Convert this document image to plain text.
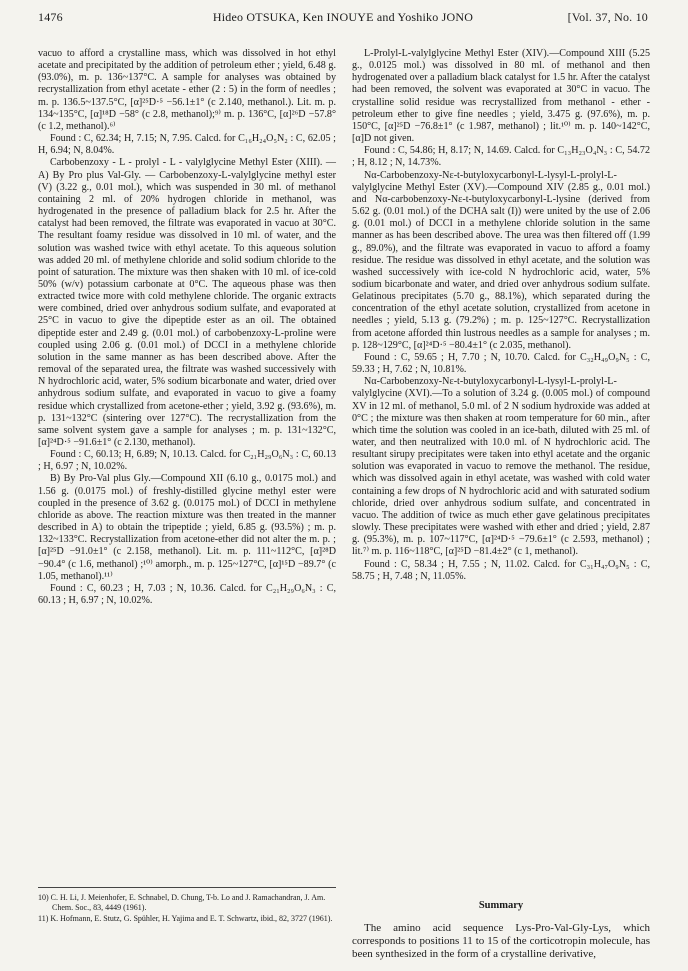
1476	Hideo OTSUKA, Ken INOUYE and Yoshiko JONO	[Vol. 37, No. 10

vacuo to afford a crystalline mass, which was dissolved in hot ethyl acetate and precipitated by the addition of petroleum ether ; yield, 6.48 g. (93.0%), m. p. 136~137°C. A sample for analyses was obtained by recrystallization from ethyl acetate - ether (2 : 5) in the form of needles ; m. p. 136.5~137.5°C, [α]²⁵D⋅⁵ −56.1±1° (c 2.140, methanol.). Lit. m. p. 134~135°C, [α]¹⁸D −58° (c 2.8, methanol);⁹⁾ m. p. 136°C, [α]²⁶D −57.8° (c 1.2, methanol).⁶⁾

Found : C, 62.34; H, 7.15; N, 7.95. Calcd. for C₁₆H₂₄O₅N₂ : C, 62.05 ; H, 6.94; N, 8.04%.

Carbobenzoxy - L - prolyl - L - valylglycine Methyl Ester (XIII). — A) By Pro plus Val-Gly. — Carbobenzoxy-L-valylglycine methyl ester (V) (3.22 g., 0.01 mol.), which was suspended in 30 ml. of methanol containing 2 ml. of 20% hydrogen chloride in methanol, was hydrogenated in the presence of palladium black for 2.5 hr. After the catalyst had been removed, the filtrate was evaporated in vacuo at 30°C. The resultant foamy residue was dissolved in 10 ml. of water, and the solution was washed twice with ethyl acetate. To this aqueous solution was added 20 ml. of methylene chloride and solid sodium chloride to the point of saturation. The mixture was then shaken with 10 ml. of ice-cold 50% (w/v) potassium carbonate at 0°C. The aqueous phase was then extracted twice more with cold methylene chloride. The organic extracts were combined, dried over anhydrous sodium sulfate, and evaporated at 25°C in vacuo to give the dipeptide ester as an oil. The obtained dipeptide ester and 2.49 g. (0.01 mol.) of carbobenzoxy-L-proline were coupled using 2.06 g. (0.01 mol.) of DCCI in a methylene chloride solution in the same manner as has been described above. After the removal of the separated urea, the filtrate was washed successively with N hydrochloric acid, water, 5% sodium bicarbonate and water, dried over anhydrous sodium sulfate, and evaporated in vacuo to give a foamy residue which crystallized from acetone-ether ; yield, 3.92 g. (93.6%), m. p. 131~132°C (sintering over 127°C). The recrystallization from the same solvent system gave a sample for analyses ; m. p. 131~132°C, [α]²⁴D⋅⁵ −91.6±1° (c 2.130, methanol).

Found : C, 60.13; H, 6.89; N, 10.13. Calcd. for C₂₁H₂₉O₆N₃ : C, 60.13 ; H, 6.97 ; N, 10.02%.

B) By Pro-Val plus Gly.—Compound XII (6.10 g., 0.0175 mol.) and 1.56 g. (0.0175 mol.) of freshly-distilled glycine methyl ester were coupled in the presence of 3.62 g. (0.0175 mol.) of DCCI in methylene chloride as above. The reaction mixture was then treated in the manner described in A) to obtain the tripeptide ; yield, 6.85 g. (93.5%) ; m. p. 132~133°C. Recrystallization from acetone-ether did not alter the m. p. ; [α]²⁵D −91.0±1° (c 2.158, methanol). Lit. m. p. 111~112°C, [α]²⁸D −90.4° (c 1.6, methanol) ;¹⁰⁾ amorph., m. p. 125~127°C, [α]¹⁵D −89.7° (c 1.05, methanol).¹¹⁾

Found : C, 60.23 ; H, 7.03 ; N, 10.36. Calcd. for C₂₁H₂₉O₆N₃ : C, 60.13 ; H, 6.97 ; N, 10.02%.

10) C. H. Li, J. Meienhofer, E. Schnabel, D. Chung, T-b. Lo and J. Ramachandran, J. Am. Chem. Soc., 83, 4449 (1961).
11) K. Hofmann, E. Stutz, G. Spühler, H. Yajima and E. T. Schwartz, ibid., 82, 3727 (1961).

L-Prolyl-L-valylglycine Methyl Ester (XIV).—Compound XIII (5.25 g., 0.0125 mol.) was dissolved in 80 ml. of methanol and then hydrogenated over a palladium black catalyst for 1.5 hr. After the catalyst had been removed, the solvent was evaporated at 30°C in vacuo. The crystalline solid residue was recrystallized from methanol - ether - petroleum ether to give fine needles ; yield, 3.475 g. (97.6%), m. p. 150°C, [α]²⁵D −76.8±1° (c 1.987, methanol) ; lit.¹⁰⁾ m. p. 140~142°C, [α]D not given.

Found : C, 54.86; H, 8.17; N, 14.69. Calcd. for C₁₃H₂₃O₄N₃ : C, 54.72 ; H, 8.12 ; N, 14.73%.

Nα-Carbobenzoxy-Nε-t-butyloxycarbonyl-L-lysyl-L-prolyl-L-valylglycine Methyl Ester (XV).—Compound XIV (2.85 g., 0.01 mol.) and Nα-carbobenzoxy-Nε-t-butyloxycarbonyl-L-lysine (derived from 5.62 g. (0.01 mol.) of the DCHA salt (I)) were united by the use of 2.06 g. (0.01 mol.) of DCCI in a methylene chloride solution in the same manner as has been described above. The urea was then filtered off (1.99 g., 89.0%), and the filtrate was evaporated in vacuo to afford a foamy residue. The residue was dissolved in ethyl acetate, and the solution was washed successively with ice-cold N hydrochloric acid, water, 5% sodium bicarbonate and water, and dried over anhydrous sodium sulfate. Gelatinous precipitates (5.70 g., 88.1%), which separated during the concentration of the ethyl acetate solution, crystallized from acetone in needles ; yield, 5.13 g. (79.2%) ; m. p. 125~127°C. Recrystallization from acetone afforded thin lustrous needles as a sample for analyses ; m. p. 128~129°C, [α]²⁴D⋅⁵ −80.4±1° (c 2.035, methanol).

Found : C, 59.65 ; H, 7.70 ; N, 10.70. Calcd. for C₃₂H₄₉O₉N₅ : C, 59.33 ; H, 7.62 ; N, 10.81%.

Nα-Carbobenzoxy-Nε-t-butyloxycarbonyl-L-lysyl-L-prolyl-L-valylglycine (XVI).—To a solution of 3.24 g. (0.005 mol.) of compound XV in 12 ml. of methanol, 5.0 ml. of 2 N sodium hydroxide was added at 0°C ; the mixture was then shaken at room temperature for 60 min., after which time the solution was cooled in an ice-bath, diluted with 25 ml. of water, and then neutralized with 10.0 ml. of N hydrochloric acid. The resultant sirupy precipitates were taken into ethyl acetate and the organic solution was evaporated in vacuo to remove the methanol. The residue, which was dissolved again in ethyl acetate, was washed with cold water containing a few drops of N hydrochloric acid and with saturated sodium chloride, dried over anhydrous sodium sulfate, and concentrated in vacuo. The addition of twice as much ether gave gelatinous precipitates slowly. These precipitates were washed with ether and dried ; yield, 2.87 g. (95.3%), m. p. 107~117°C, [α]²⁴D⋅⁵ −79.6±1° (c 2.593, methanol) ; lit.⁷⁾ m. p. 116~118°C, [α]²⁵D −81.4±2° (c 1, methanol).

Found : C, 58.34 ; H, 7.55 ; N, 11.02. Calcd. for C₃₁H₄₇O₉N₅ : C, 58.75 ; H, 7.48 ; N, 11.05%.

Summary

The amino acid sequence Lys-Pro-Val-Gly-Lys, which corresponds to positions 11 to 15 of the corticotropin molecule, has been synthesized in the form of a crystalline derivative,
